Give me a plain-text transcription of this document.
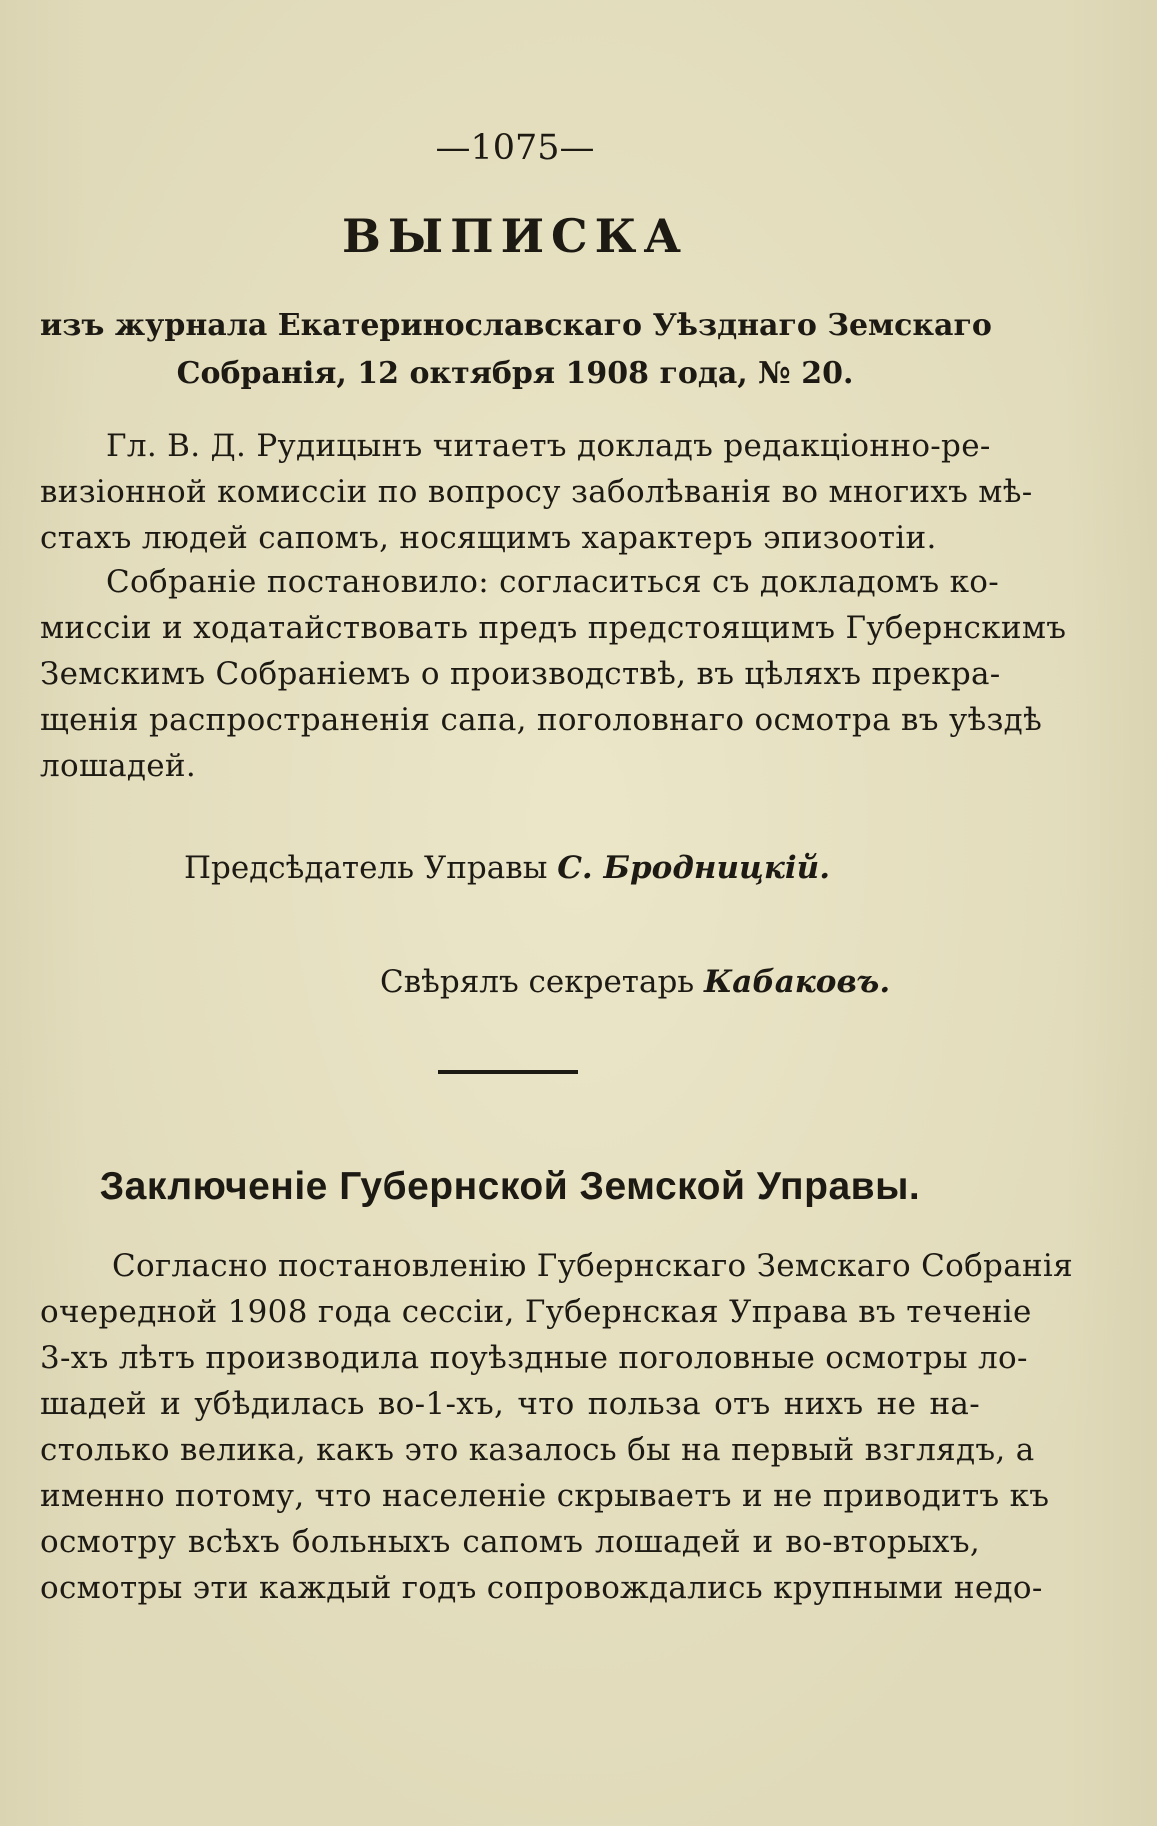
—1075—
ВЫПИСКА
изъ журнала Екатеринославскаго Уѣзднаго Земскаго
Собранія, 12 октября 1908 года, № 20.
Гл. В. Д. Рудицынъ читаетъ докладъ редакціонно-ре-
визіонной комиссіи по вопросу заболѣванія во многихъ мѣ-
стахъ людей сапомъ, носящимъ характеръ эпизоотіи.
Собраніе постановило: согласиться съ докладомъ ко-
миссіи и ходатайствовать предъ предстоящимъ Губернскимъ
Земскимъ Собраніемъ о производствѣ, въ цѣляхъ прекра-
щенія распространенія сапа, поголовнаго осмотра въ уѣздѣ
лошадей.
Предсѣдатель Управы С. Бродницкій.
Свѣрялъ секретарь Кабаковъ.
Заключеніе Губернской Земской Управы.
Согласно постановленію Губернскаго Земскаго Собранія
очередной 1908 года сессіи, Губернская Управа въ теченіе
3-хъ лѣтъ производила поуѣздные поголовные осмотры ло-
шадей и убѣдилась во-1-хъ, что польза отъ нихъ не на-
столько велика, какъ это казалось бы на первый взглядъ, а
именно потому, что населеніе скрываетъ и не приводитъ къ
осмотру всѣхъ больныхъ сапомъ лошадей и во-вторыхъ,
осмотры эти каждый годъ сопровождались крупными недо-
